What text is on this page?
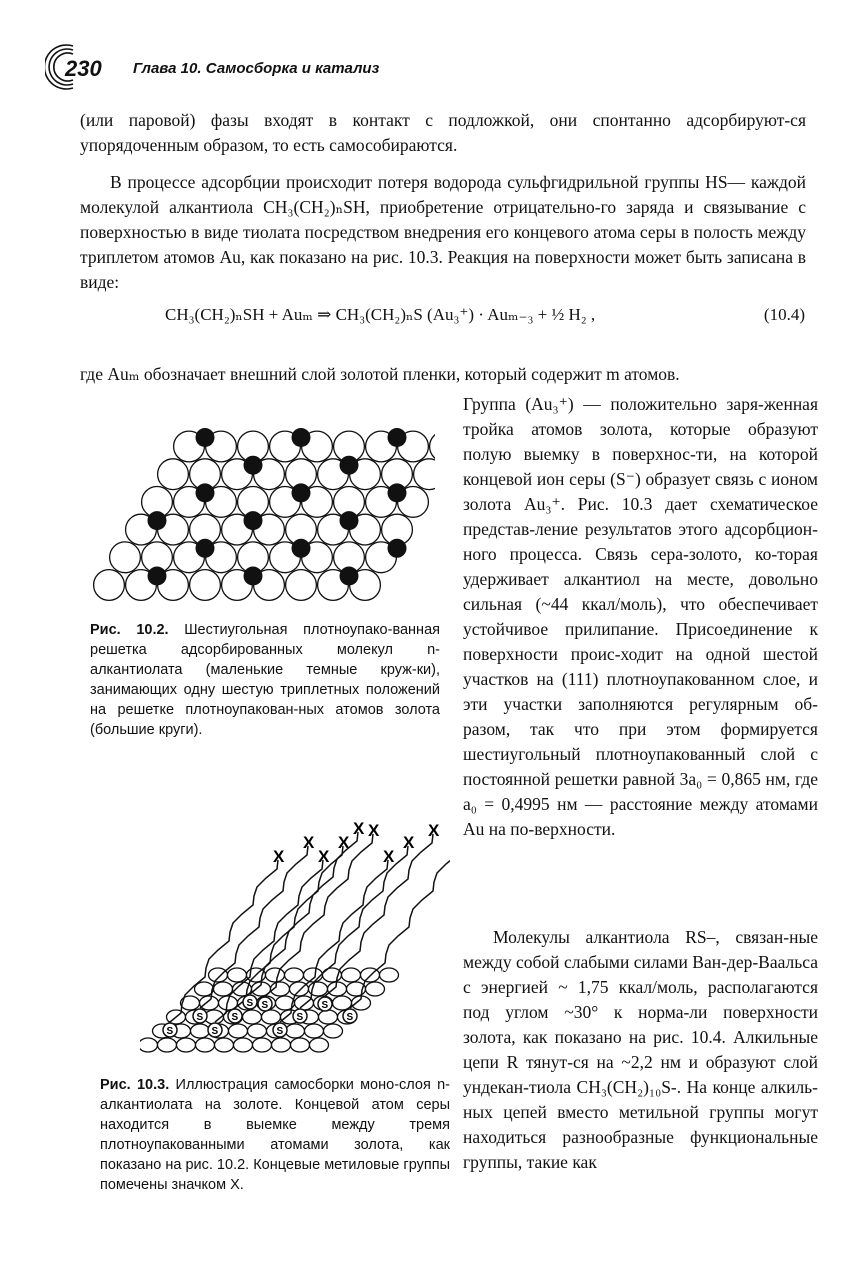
230 Глава 10. Самосборка и катализ

(или паровой) фазы входят в контакт с подложкой, они спонтанно адсорбируют-ся упорядоченным образом, то есть самособираются.

В процессе адсорбции происходит потеря водорода сульфгидрильной группы HS— каждой молекулой алкантиола CH₃(CH₂)ₙSH, приобретение отрицательно-го заряда и связывание с поверхностью в виде тиолата посредством внедрения его концевого атома серы в полость между триплетом атомов Au, как показано на рис. 10.3. Реакция на поверхности может быть записана в виде:

CH₃(CH₂)ₙSH + Auₘ ⇒ CH₃(CH₂)ₙS (Au₃⁺) · Auₘ₋₃ + ½ H₂ ,	(10.4)

где Auₘ обозначает внешний слой золотой пленки, который содержит m атомов.

Группа (Au₃⁺) — положительно заря-женная тройка атомов золота, которые образуют полую выемку в поверхнос-ти, на которой концевой ион серы (S⁻) образует связь с ионом золота Au₃⁺. Рис. 10.3 дает схематическое представ-ление результатов этого адсорбцион-ного процесса. Связь сера-золото, ко-торая удерживает алкантиол на месте, довольно сильная (~44 ккал/моль), что обеспечивает устойчивое прилипание. Присоединение к поверхности проис-ходит на одной шестой участков на (111) плотноупакованном слое, и эти участки заполняются регулярным об-разом, так что при этом формируется шестиугольный плотноупакованный слой с постоянной решетки равной 3a₀ = 0,865 нм, где a₀ = 0,4995 нм — расстояние между атомами Au на по-верхности.

Молекулы алкантиола RS–, связан-ные между собой слабыми силами Ван-дер-Ваальса с энергией ~ 1,75 ккал/моль, располагаются под углом ~30° к норма-ли поверхности золота, как показано на рис. 10.4. Алкильные цепи R тянут-ся на ~2,2 нм и образуют слой ундекан-тиола CH₃(CH₂)₁₀S-. На конце алкиль-ных цепей вместо метильной группы могут находиться разнообразные функциональные группы, такие как

Рис. 10.2. Шестиугольная плотноупако-ванная решетка адсорбированных молекул n-алкантиолата (маленькие темные круж-ки), занимающих одну шестую триплетных положений на решетке плотноупакован-ных атомов золота (большие круги).
S
X
S
X
S
X
S
X
S
X
S
X
S
X
S
X
S
X
S
Рис. 10.3. Иллюстрация самосборки моно-слоя n-алкантиолата на золоте. Концевой атом серы находится в выемке между тремя плотноупакованными атомами золота, как показано на рис. 10.2. Концевые метиловые группы помечены значком X.
